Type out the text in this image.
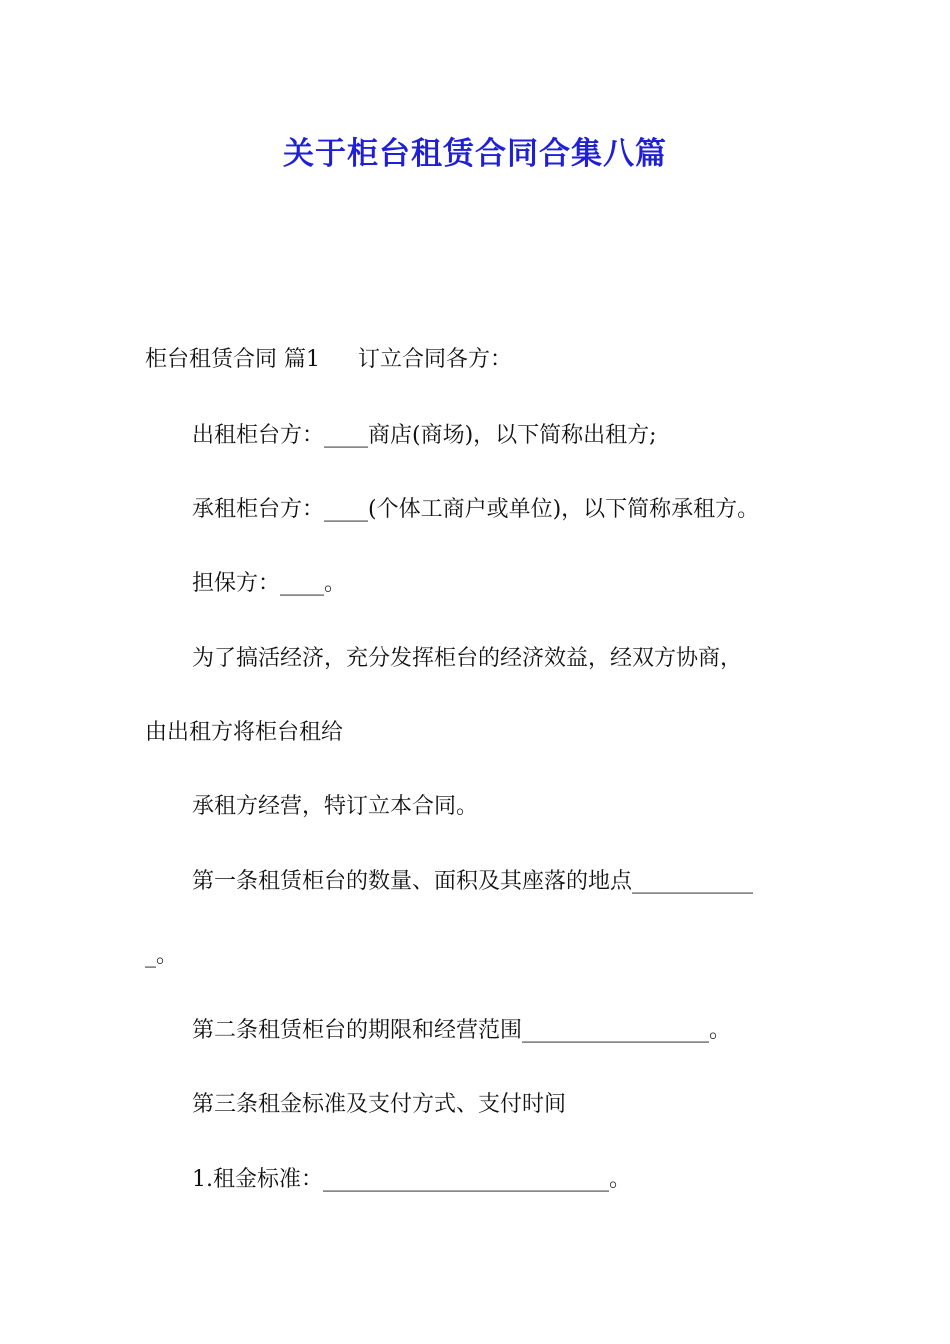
关于柜台租赁合同合集八篇
柜台租赁合同 篇1 订立合同各方：
出租柜台方：____商店(商场)，以下简称出租方;
承租柜台方：____(个体工商户或单位)，以下简称承租方。
担保方：____。
为了搞活经济，充分发挥柜台的经济效益，经双方协商，
由出租方将柜台租给
承租方经营，特订立本合同。
第一条租赁柜台的数量、面积及其座落的地点___________
_。
第二条租赁柜台的期限和经营范围_________________。
第三条租金标准及支付方式、支付时间
1.租金标准：__________________________。
